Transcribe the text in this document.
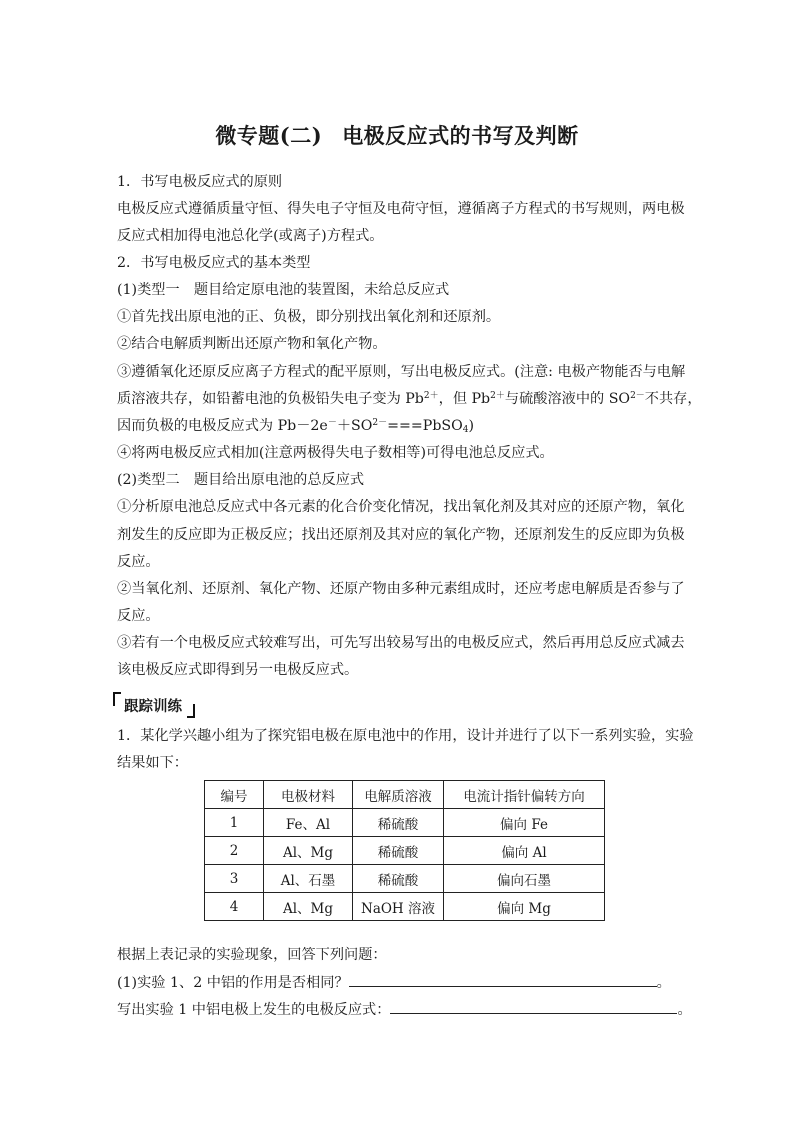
微专题(二) 电极反应式的书写及判断
1．书写电极反应式的原则
电极反应式遵循质量守恒、得失电子守恒及电荷守恒，遵循离子方程式的书写规则，两电极
反应式相加得电池总化学(或离子)方程式。
2．书写电极反应式的基本类型
(1)类型一　题目给定原电池的装置图，未给总反应式
①首先找出原电池的正、负极，即分别找出氧化剂和还原剂。
②结合电解质判断出还原产物和氧化产物。
③遵循氧化还原反应离子方程式的配平原则，写出电极反应式。(注意: 电极产物能否与电解
质溶液共存，如铅蓄电池的负极铅失电子变为 $Pb^{2+}$，但 $Pb^{2+}$与硫酸溶液中的 $SO^{2-}$不共存，
因而负极的电极反应式为 $Pb-2e^-+SO^{2-}===PbSO_4$)
④将两电极反应式相加(注意两极得失电子数相等)可得电池总反应式。
(2)类型二　题目给出原电池的总反应式
①分析原电池总反应式中各元素的化合价变化情况，找出氧化剂及其对应的还原产物，氧化
剂发生的反应即为正极反应；找出还原剂及其对应的氧化产物，还原剂发生的反应即为负极
反应。
②当氧化剂、还原剂、氧化产物、还原产物由多种元素组成时，还应考虑电解质是否参与了
反应。
③若有一个电极反应式较难写出，可先写出较易写出的电极反应式，然后再用总反应式减去
该电极反应式即得到另一电极反应式。
跟踪训练
1．某化学兴趣小组为了探究铝电极在原电池中的作用，设计并进行了以下一系列实验，实验
结果如下：
编号	电极材料	电解质溶液	电流计指针偏转方向
1	Fe、Al	稀硫酸	偏向 Fe
2	Al、Mg	稀硫酸	偏向 Al
3	Al、石墨	稀硫酸	偏向石墨
4	Al、Mg	NaOH 溶液	偏向 Mg
根据上表记录的实验现象，回答下列问题：
(1)实验 1、2 中铝的作用是否相同？	。
写出实验 1 中铝电极上发生的电极反应式：	。
